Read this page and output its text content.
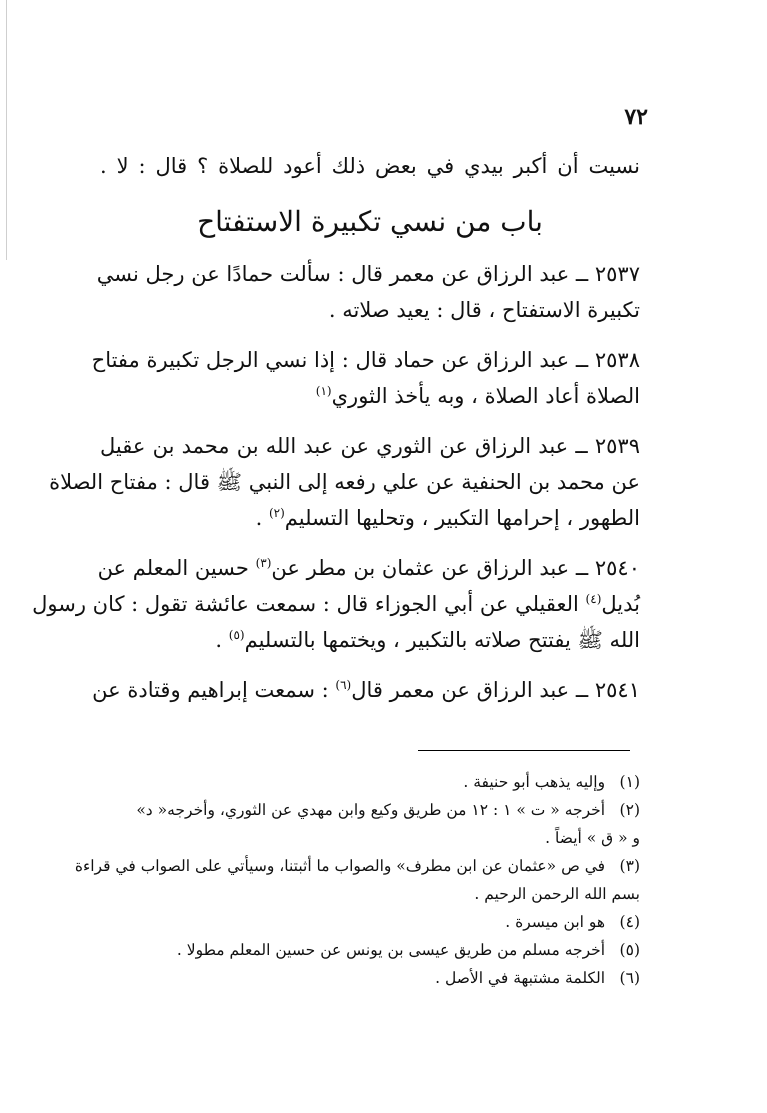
٧٢
نسيت أن أكبر بيدي في بعض ذلك أعود للصلاة ؟ قال : لا .
باب من نسي تكبيرة الاستفتاح
٢٥٣٧ ــ عبد الرزاق عن معمر قال : سألت حمادًا عن رجل نسي
تكبيرة الاستفتاح ، قال : يعيد صلاته .
٢٥٣٨ ــ عبد الرزاق عن حماد قال : إذا نسي الرجل تكبيرة مفتاح
الصلاة أعاد الصلاة ، وبه يأخذ الثوري$^{(١)}$
٢٥٣٩ ــ عبد الرزاق عن الثوري عن عبد الله بن محمد بن عقيل
عن محمد بن الحنفية عن علي رفعه إلى النبي ﷺ قال : مفتاح الصلاة
الطهور ، إحرامها التكبير ، وتحليها التسليم$^{(٢)}$ .
٢٥٤٠ ــ عبد الرزاق عن عثمان بن مطر عن$^{(٣)}$ حسين المعلم عن
بُديل$^{(٤)}$ العقيلي عن أبي الجوزاء قال : سمعت عائشة تقول : كان رسول
الله ﷺ يفتتح صلاته بالتكبير ، ويختمها بالتسليم$^{(٥)}$ .
٢٥٤١ ــ عبد الرزاق عن معمر قال$^{(٦)}$ : سمعت إبراهيم وقتادة عن
(١) وإليه يذهب أبو حنيفة .
(٢) أخرجه « ت » ١ : ١٢ من طريق وكيع وابن مهدي عن الثوري، وأخرجه« د»
و « ق » أيضاً .
(٣) في ص «عثمان عن ابن مطرف» والصواب ما أثبتنا، وسيأتي على الصواب في قراءة
بسم الله الرحمن الرحيم .
(٤) هو ابن ميسرة .
(٥) أخرجه مسلم من طريق عيسى بن يونس عن حسين المعلم مطولا .
(٦) الكلمة مشتبهة في الأصل .
